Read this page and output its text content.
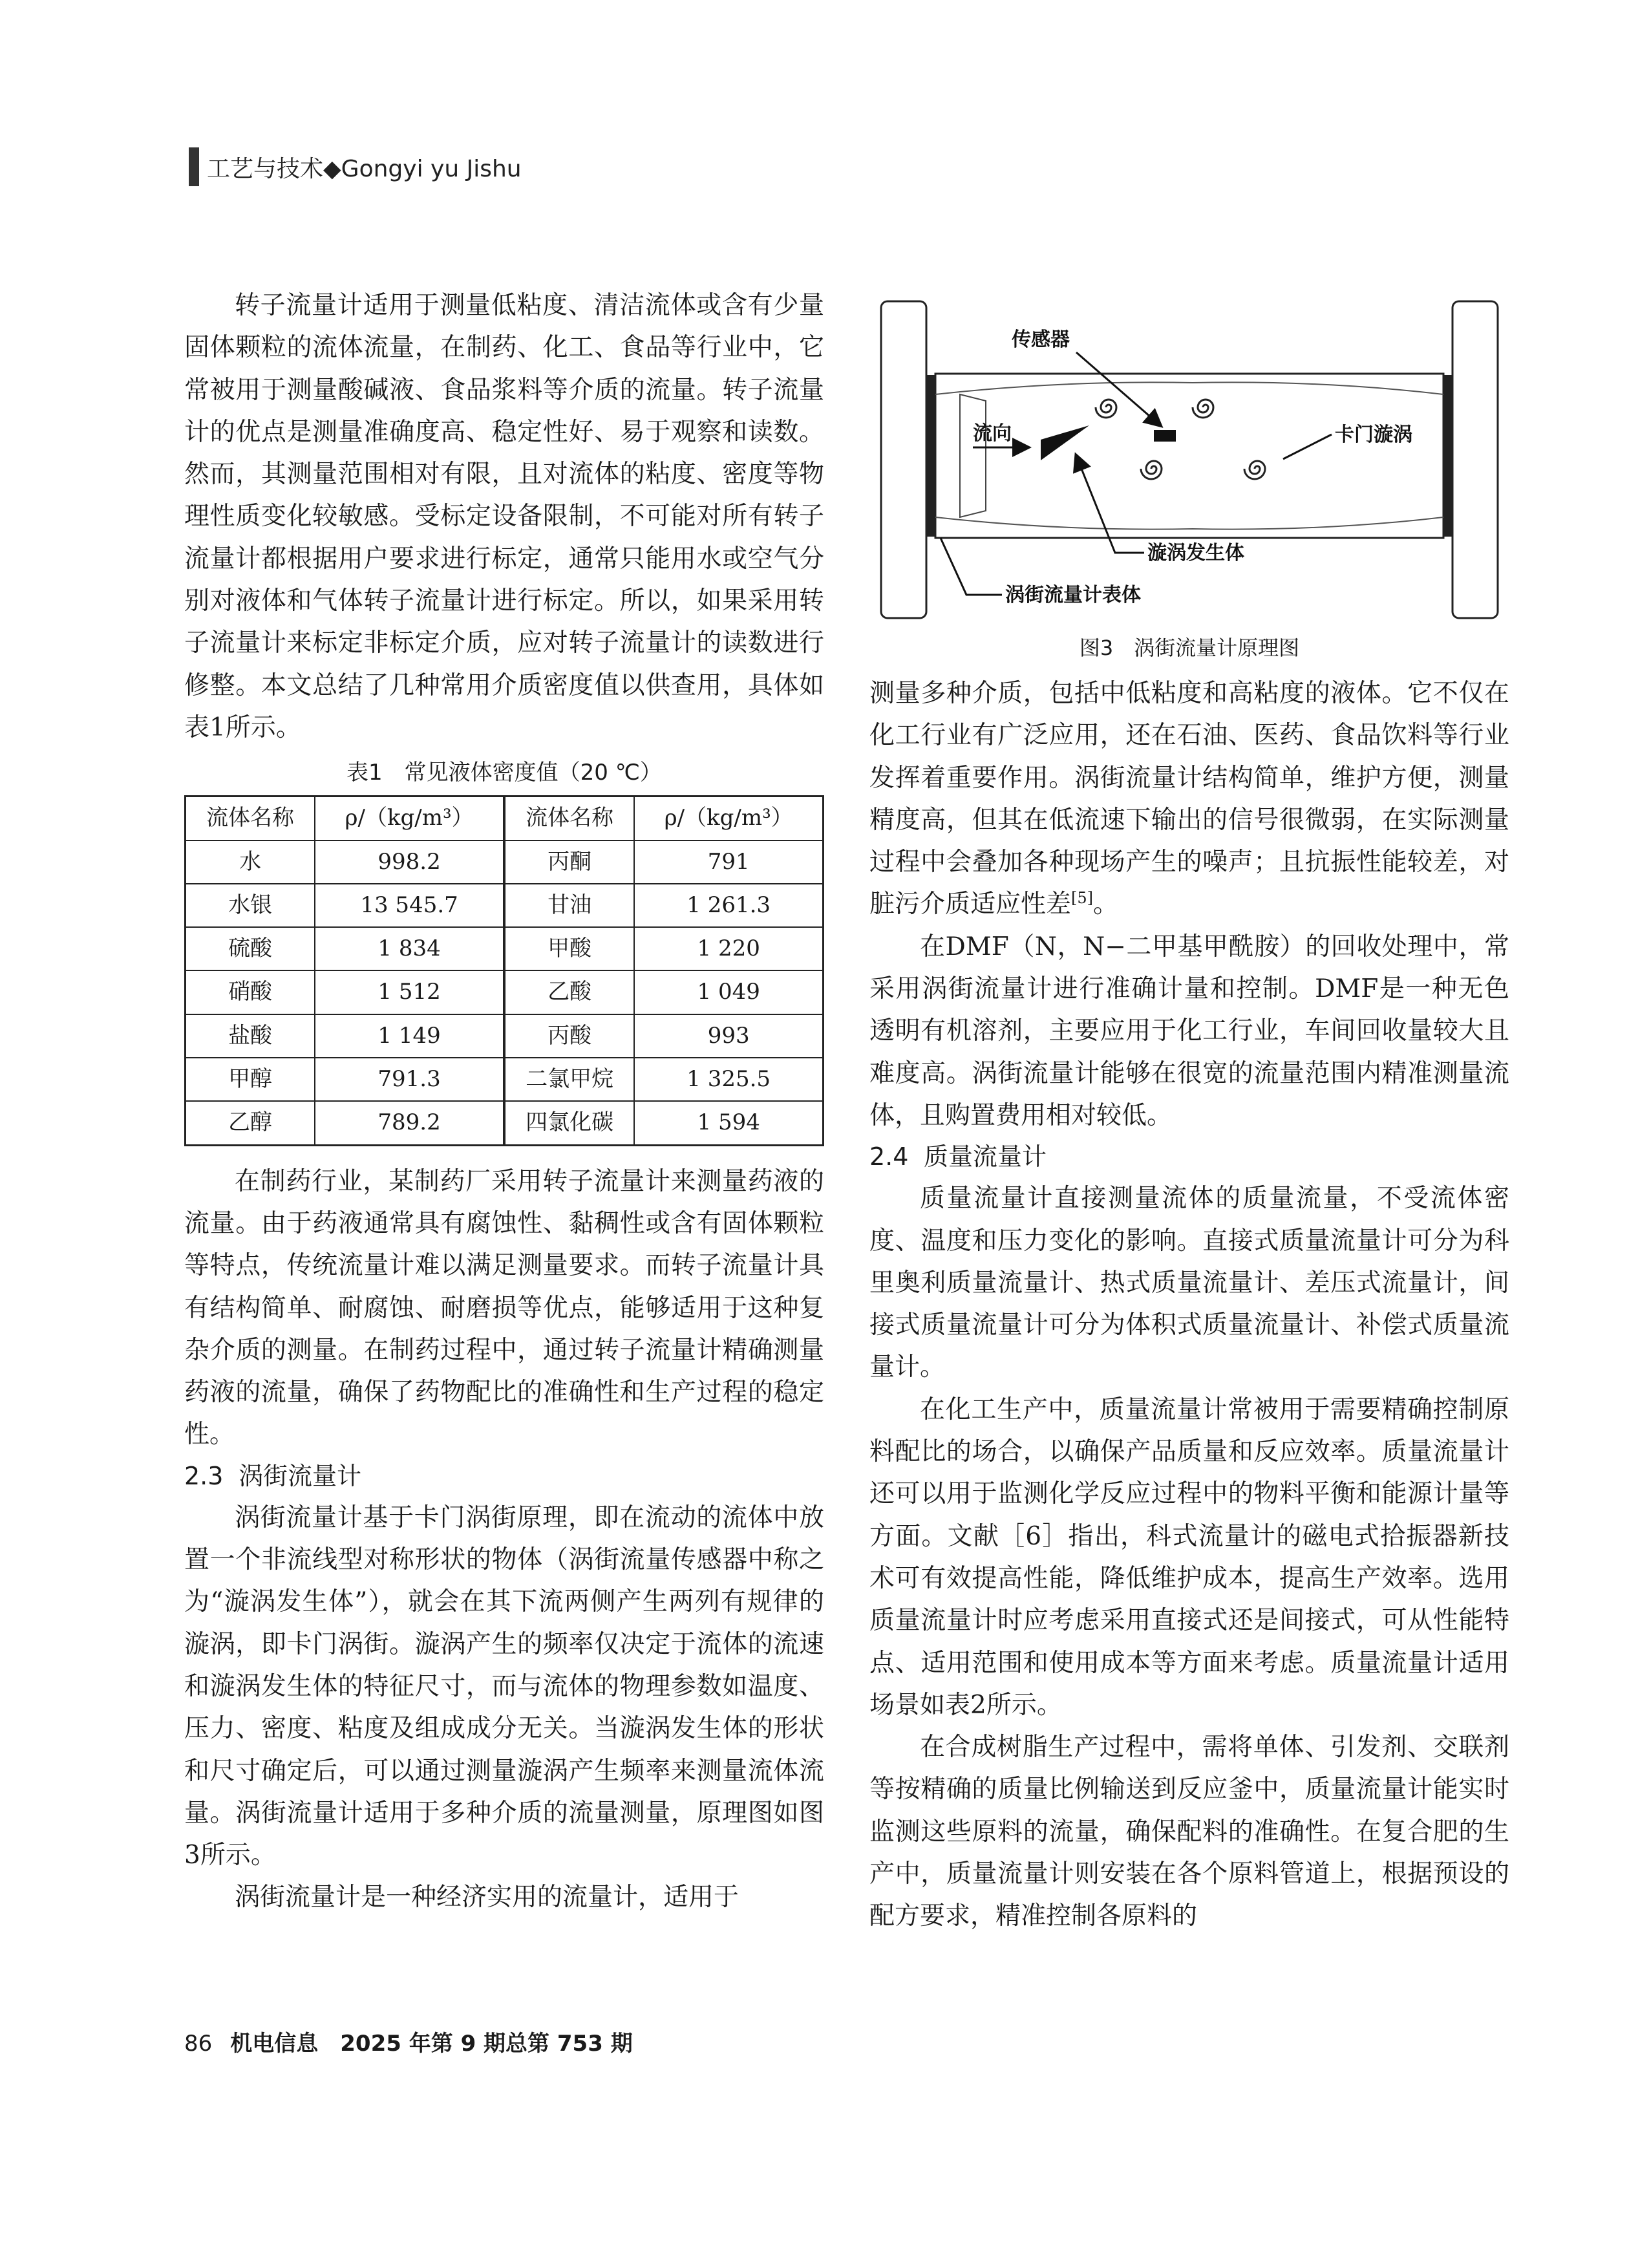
工艺与技术◆Gongyi yu Jishu

转子流量计适用于测量低粘度、清洁流体或含有少量固体颗粒的流体流量，在制药、化工、食品等行业中，它常被用于测量酸碱液、食品浆料等介质的流量。转子流量计的优点是测量准确度高、稳定性好、易于观察和读数。然而，其测量范围相对有限，且对流体的粘度、密度等物理性质变化较敏感。受标定设备限制，不可能对所有转子流量计都根据用户要求进行标定，通常只能用水或空气分别对液体和气体转子流量计进行标定。所以，如果采用转子流量计来标定非标定介质，应对转子流量计的读数进行修整。本文总结了几种常用介质密度值以供查用，具体如表1所示。

表1　常见液体密度值（20 ℃）
流体名称	ρ/（kg/m³）	流体名称	ρ/（kg/m³）
水	998.2	丙酮	791
水银	13 545.7	甘油	1 261.3
硫酸	1 834	甲酸	1 220
硝酸	1 512	乙酸	1 049
盐酸	1 149	丙酸	993
甲醇	791.3	二氯甲烷	1 325.5
乙醇	789.2	四氯化碳	1 594

在制药行业，某制药厂采用转子流量计来测量药液的流量。由于药液通常具有腐蚀性、黏稠性或含有固体颗粒等特点，传统流量计难以满足测量要求。而转子流量计具有结构简单、耐腐蚀、耐磨损等优点，能够适用于这种复杂介质的测量。在制药过程中，通过转子流量计精确测量药液的流量，确保了药物配比的准确性和生产过程的稳定性。

2.3 涡街流量计

涡街流量计基于卡门涡街原理，即在流动的流体中放置一个非流线型对称形状的物体（涡街流量传感器中称之为“漩涡发生体”），就会在其下流两侧产生两列有规律的漩涡，即卡门涡街。漩涡产生的频率仅决定于流体的流速和漩涡发生体的特征尺寸，而与流体的物理参数如温度、压力、密度、粘度及组成成分无关。当漩涡发生体的形状和尺寸确定后，可以通过测量漩涡产生频率来测量流体流量。涡街流量计适用于多种介质的流量测量，原理图如图3所示。

涡街流量计是一种经济实用的流量计，适用于

传感器
流向	卡门漩涡
漩涡发生体
涡街流量计表体
图3　涡街流量计原理图

测量多种介质，包括中低粘度和高粘度的液体。它不仅在化工行业有广泛应用，还在石油、医药、食品饮料等行业发挥着重要作用。涡街流量计结构简单，维护方便，测量精度高，但其在低流速下输出的信号很微弱，在实际测量过程中会叠加各种现场产生的噪声；且抗振性能较差，对脏污介质适应性差[5]。

在DMF（N，N−二甲基甲酰胺）的回收处理中，常采用涡街流量计进行准确计量和控制。DMF是一种无色透明有机溶剂，主要应用于化工行业，车间回收量较大且难度高。涡街流量计能够在很宽的流量范围内精准测量流体，且购置费用相对较低。

2.4 质量流量计

质量流量计直接测量流体的质量流量，不受流体密度、温度和压力变化的影响。直接式质量流量计可分为科里奥利质量流量计、热式质量流量计、差压式流量计，间接式质量流量计可分为体积式质量流量计、补偿式质量流量计。

在化工生产中，质量流量计常被用于需要精确控制原料配比的场合，以确保产品质量和反应效率。质量流量计还可以用于监测化学反应过程中的物料平衡和能源计量等方面。文献［6］指出，科式流量计的磁电式拾振器新技术可有效提高性能，降低维护成本，提高生产效率。选用质量流量计时应考虑采用直接式还是间接式，可从性能特点、适用范围和使用成本等方面来考虑。质量流量计适用场景如表2所示。

在合成树脂生产过程中，需将单体、引发剂、交联剂等按精确的质量比例输送到反应釜中，质量流量计能实时监测这些原料的流量，确保配料的准确性。在复合肥的生产中，质量流量计则安装在各个原料管道上，根据预设的配方要求，精准控制各原料的

86 机电信息　2025 年第 9 期总第 753 期
